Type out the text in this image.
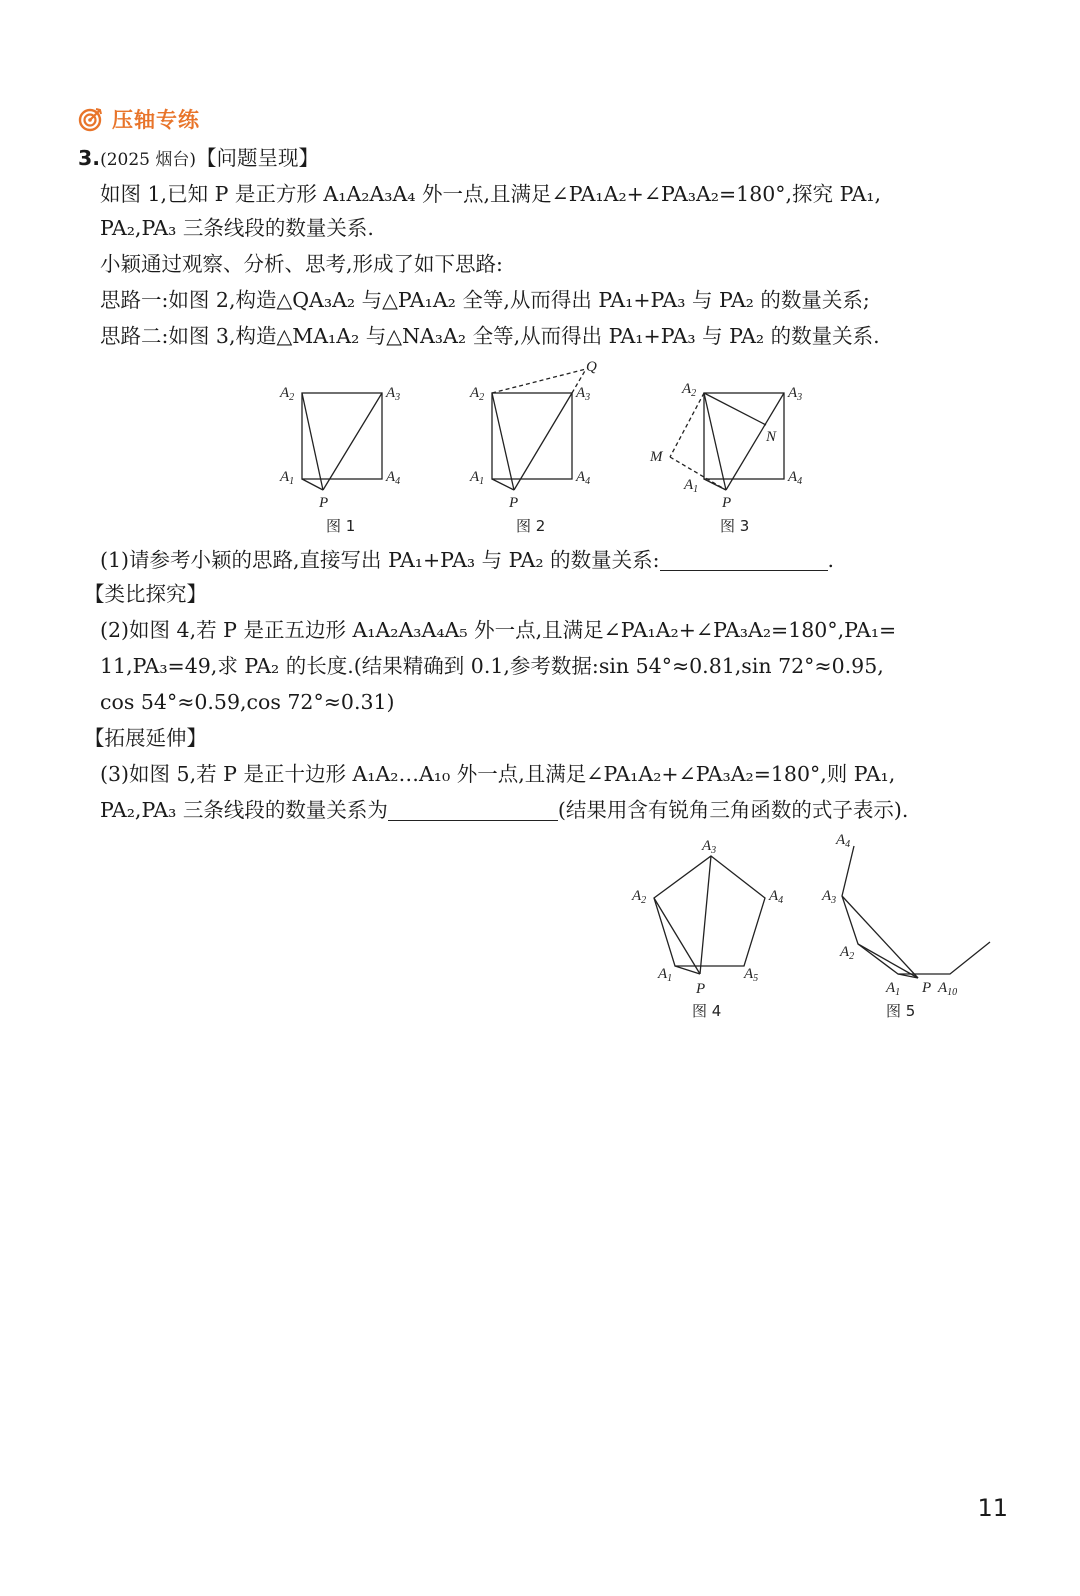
压轴专练
3.(2025 烟台)【问题呈现】
如图 1,已知 P 是正方形 A₁A₂A₃A₄ 外一点,且满足∠PA₁A₂+∠PA₃A₂=180°,探究 PA₁,
PA₂,PA₃ 三条线段的数量关系.
小颖通过观察、分析、思考,形成了如下思路:
思路一:如图 2,构造△QA₃A₂ 与△PA₁A₂ 全等,从而得出 PA₁+PA₃ 与 PA₂ 的数量关系;
思路二:如图 3,构造△MA₁A₂ 与△NA₃A₂ 全等,从而得出 PA₁+PA₃ 与 PA₂ 的数量关系.
$A_2$	$A_3$
$A_1$	$A_4$
P
图 1
$A_2$	$A_3$
$A_1$	$A_4$
P
Q
图 2
$A_2$	$A_3$
$A_1$
$A_4$
P
M
N
图 3
(1)请参考小颖的思路,直接写出 PA₁+PA₃ 与 PA₂ 的数量关系:	.
【类比探究】
(2)如图 4,若 P 是正五边形 A₁A₂A₃A₄A₅ 外一点,且满足∠PA₁A₂+∠PA₃A₂=180°,PA₁=
11,PA₃=49,求 PA₂ 的长度.(结果精确到 0.1,参考数据:sin 54°≈0.81,sin 72°≈0.95,
cos 54°≈0.59,cos 72°≈0.31)
【拓展延伸】
(3)如图 5,若 P 是正十边形 A₁A₂…A₁₀ 外一点,且满足∠PA₁A₂+∠PA₃A₂=180°,则 PA₁,
PA₂,PA₃ 三条线段的数量关系为	(结果用含有锐角三角函数的式子表示).
$A_3$
$A_2$	$A_4$
$A_1$	$A_5$
P
图 4
$A_4$
$A_3$
$A_2$
$A_1$ P $A_{10}$
图 5
11
